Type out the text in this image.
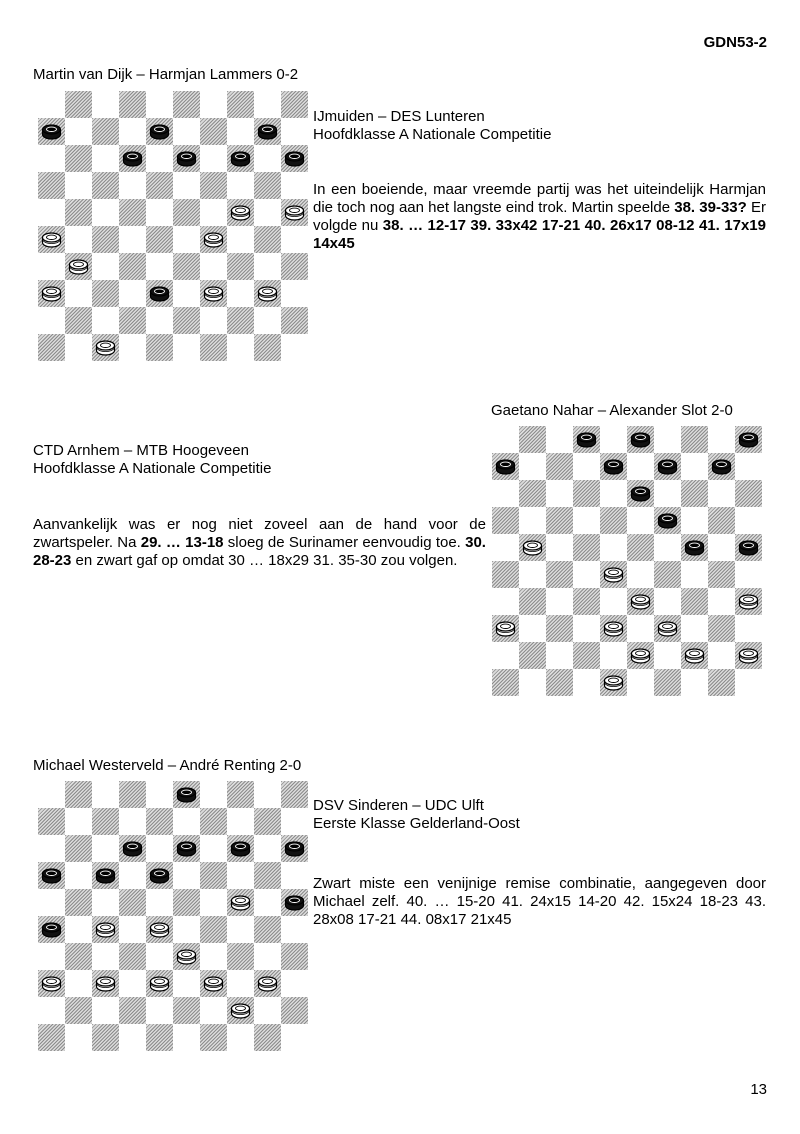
GDN53-2
Martin van Dijk – Harmjan Lammers 0-2

IJmuiden – DES Lunteren

Hoofdklasse A Nationale Competitie

In een boeiende, maar vreemde partij was het uiteindelijk Harmjan die toch nog aan het langste eind trok. Martin speelde 38. 39-33? Er volgde nu 38. … 12-17 39. 33x42 17-21 40. 26x17 08-12 41. 17x19 14x45

Gaetano Nahar – Alexander Slot 2-0

CTD Arnhem – MTB Hoogeveen

Hoofdklasse A Nationale Competitie

Aanvankelijk was er nog niet zoveel aan de hand voor de zwartspeler. Na 29. … 13-18 sloeg de Surinamer eenvoudig toe. 30. 28-23 en zwart gaf op omdat 30 … 18x29 31. 35-30 zou volgen.

Michael Westerveld – André Renting 2-0

DSV Sinderen – UDC Ulft

Eerste Klasse Gelderland-Oost

Zwart miste een venijnige remise combinatie, aangegeven door Michael zelf. 40. … 15-20 41. 24x15 14-20 42. 15x24 18-23 43. 28x08 17-21 44. 08x17 21x45

13
